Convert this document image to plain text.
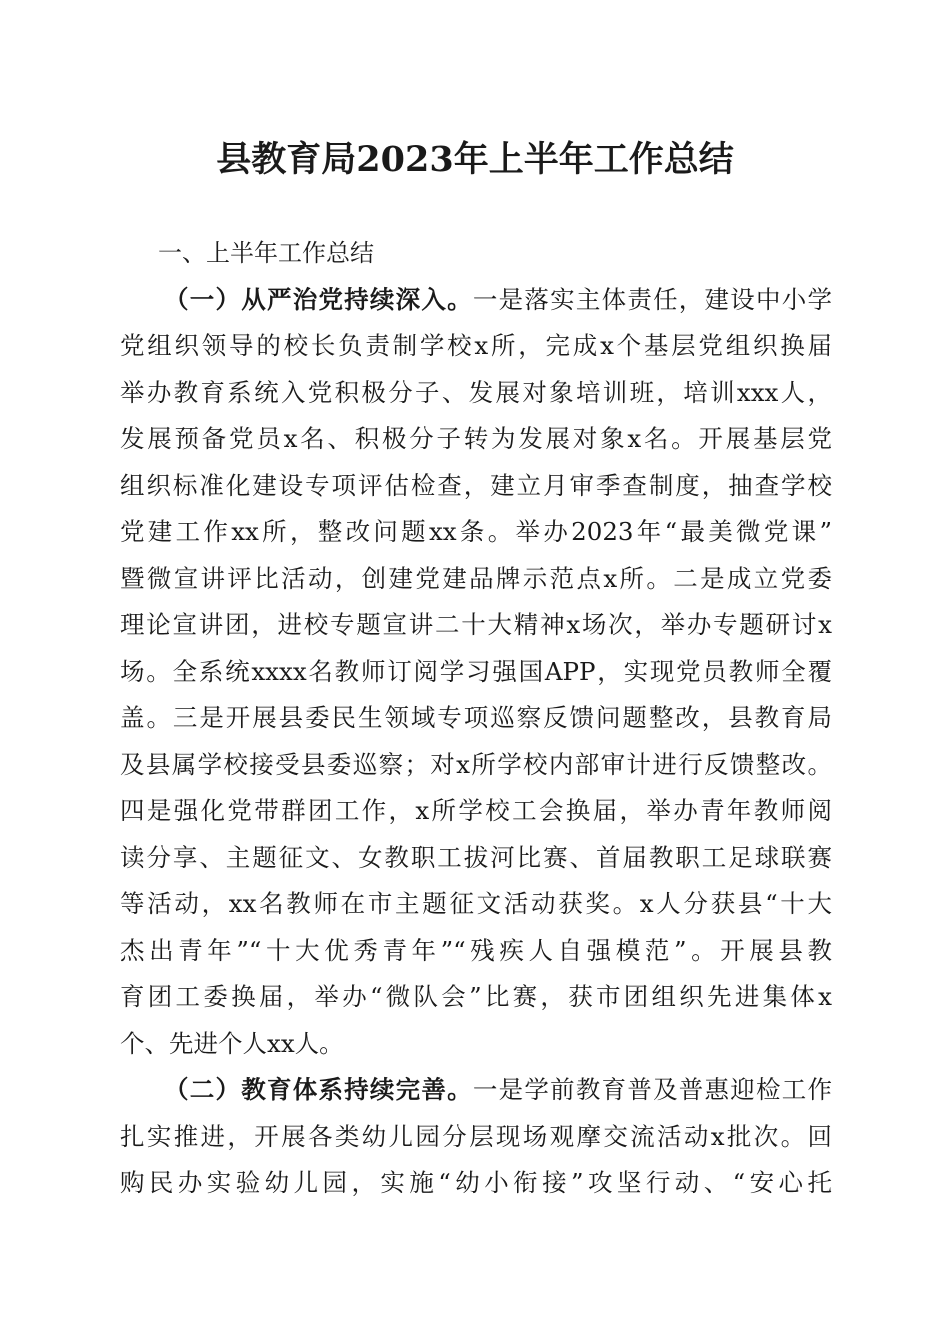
县教育局2023年上半年工作总结
一、上半年工作总结
（一）从严治党持续深入。一是落实主体责任，建设中小学
党组织领导的校长负责制学校x所，完成x个基层党组织换届
举办教育系统入党积极分子、发展对象培训班，培训xxx人，
发展预备党员x名、积极分子转为发展对象x名。开展基层党
组织标准化建设专项评估检查，建立月审季查制度，抽查学校
党建工作xx所，整改问题xx条。举办2023年“最美微党课”
暨微宣讲评比活动，创建党建品牌示范点x所。二是成立党委
理论宣讲团，进校专题宣讲二十大精神x场次，举办专题研讨x
场。全系统xxxx名教师订阅学习强国APP，实现党员教师全覆
盖。三是开展县委民生领域专项巡察反馈问题整改，县教育局
及县属学校接受县委巡察；对x所学校内部审计进行反馈整改。
四是强化党带群团工作，x所学校工会换届，举办青年教师阅
读分享、主题征文、女教职工拔河比赛、首届教职工足球联赛
等活动，xx名教师在市主题征文活动获奖。x人分获县“十大
杰出青年”“十大优秀青年”“残疾人自强模范”。开展县教
育团工委换届，举办“微队会”比赛，获市团组织先进集体x
个、先进个人xx人。
（二）教育体系持续完善。一是学前教育普及普惠迎检工作
扎实推进，开展各类幼儿园分层现场观摩交流活动x批次。回
购民办实验幼儿园，实施“幼小衔接”攻坚行动、“安心托
